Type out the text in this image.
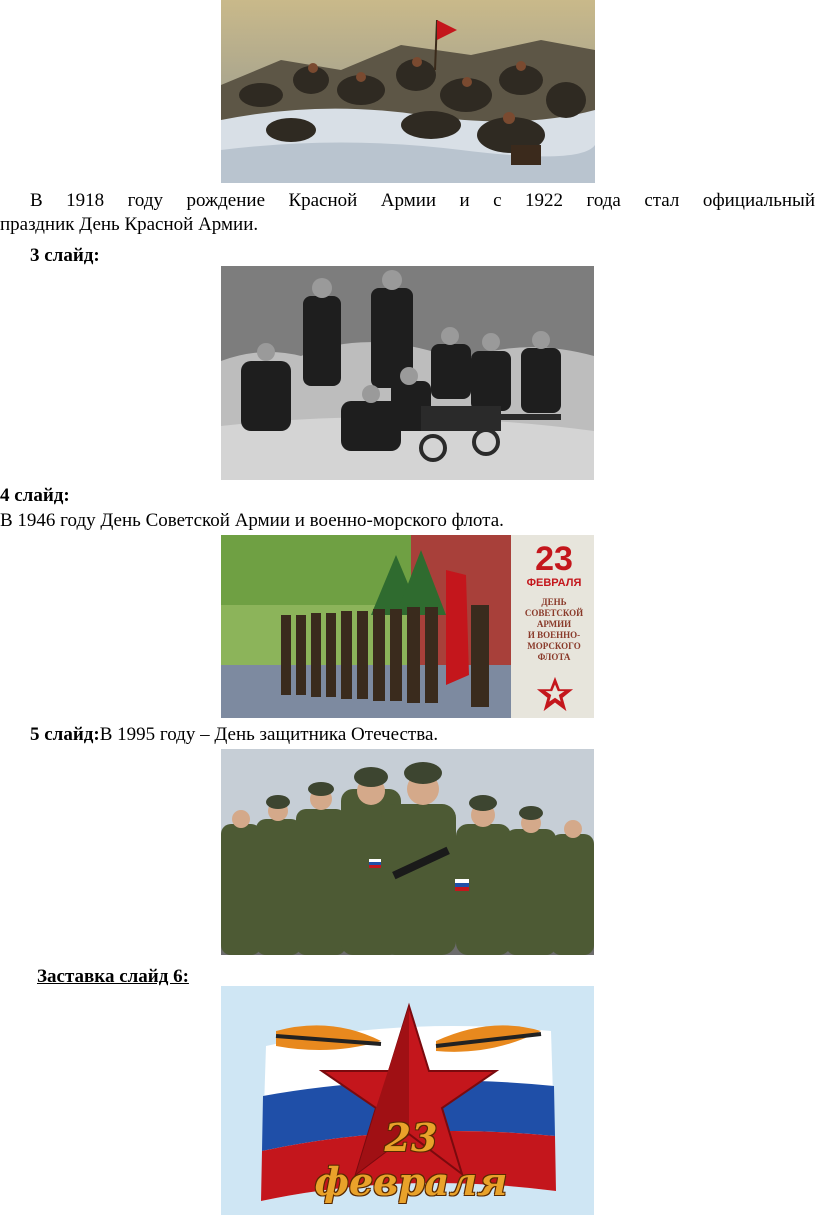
В 1918 году рождение Красной Армии и с 1922 года стал официальный
праздник День Красной Армии.
3 слайд:
4 слайд:
В 1946 году День Советской Армии и военно-морского флота.
23
ФЕВРАЛЯ
ДЕНЬ
СОВЕТСКОЙ
АРМИИ
И ВОЕННО-
МОРСКОГО
ФЛОТА
5 слайд:В 1995 году – День защитника Отечества.
Заставка слайд 6:
23 февраля
